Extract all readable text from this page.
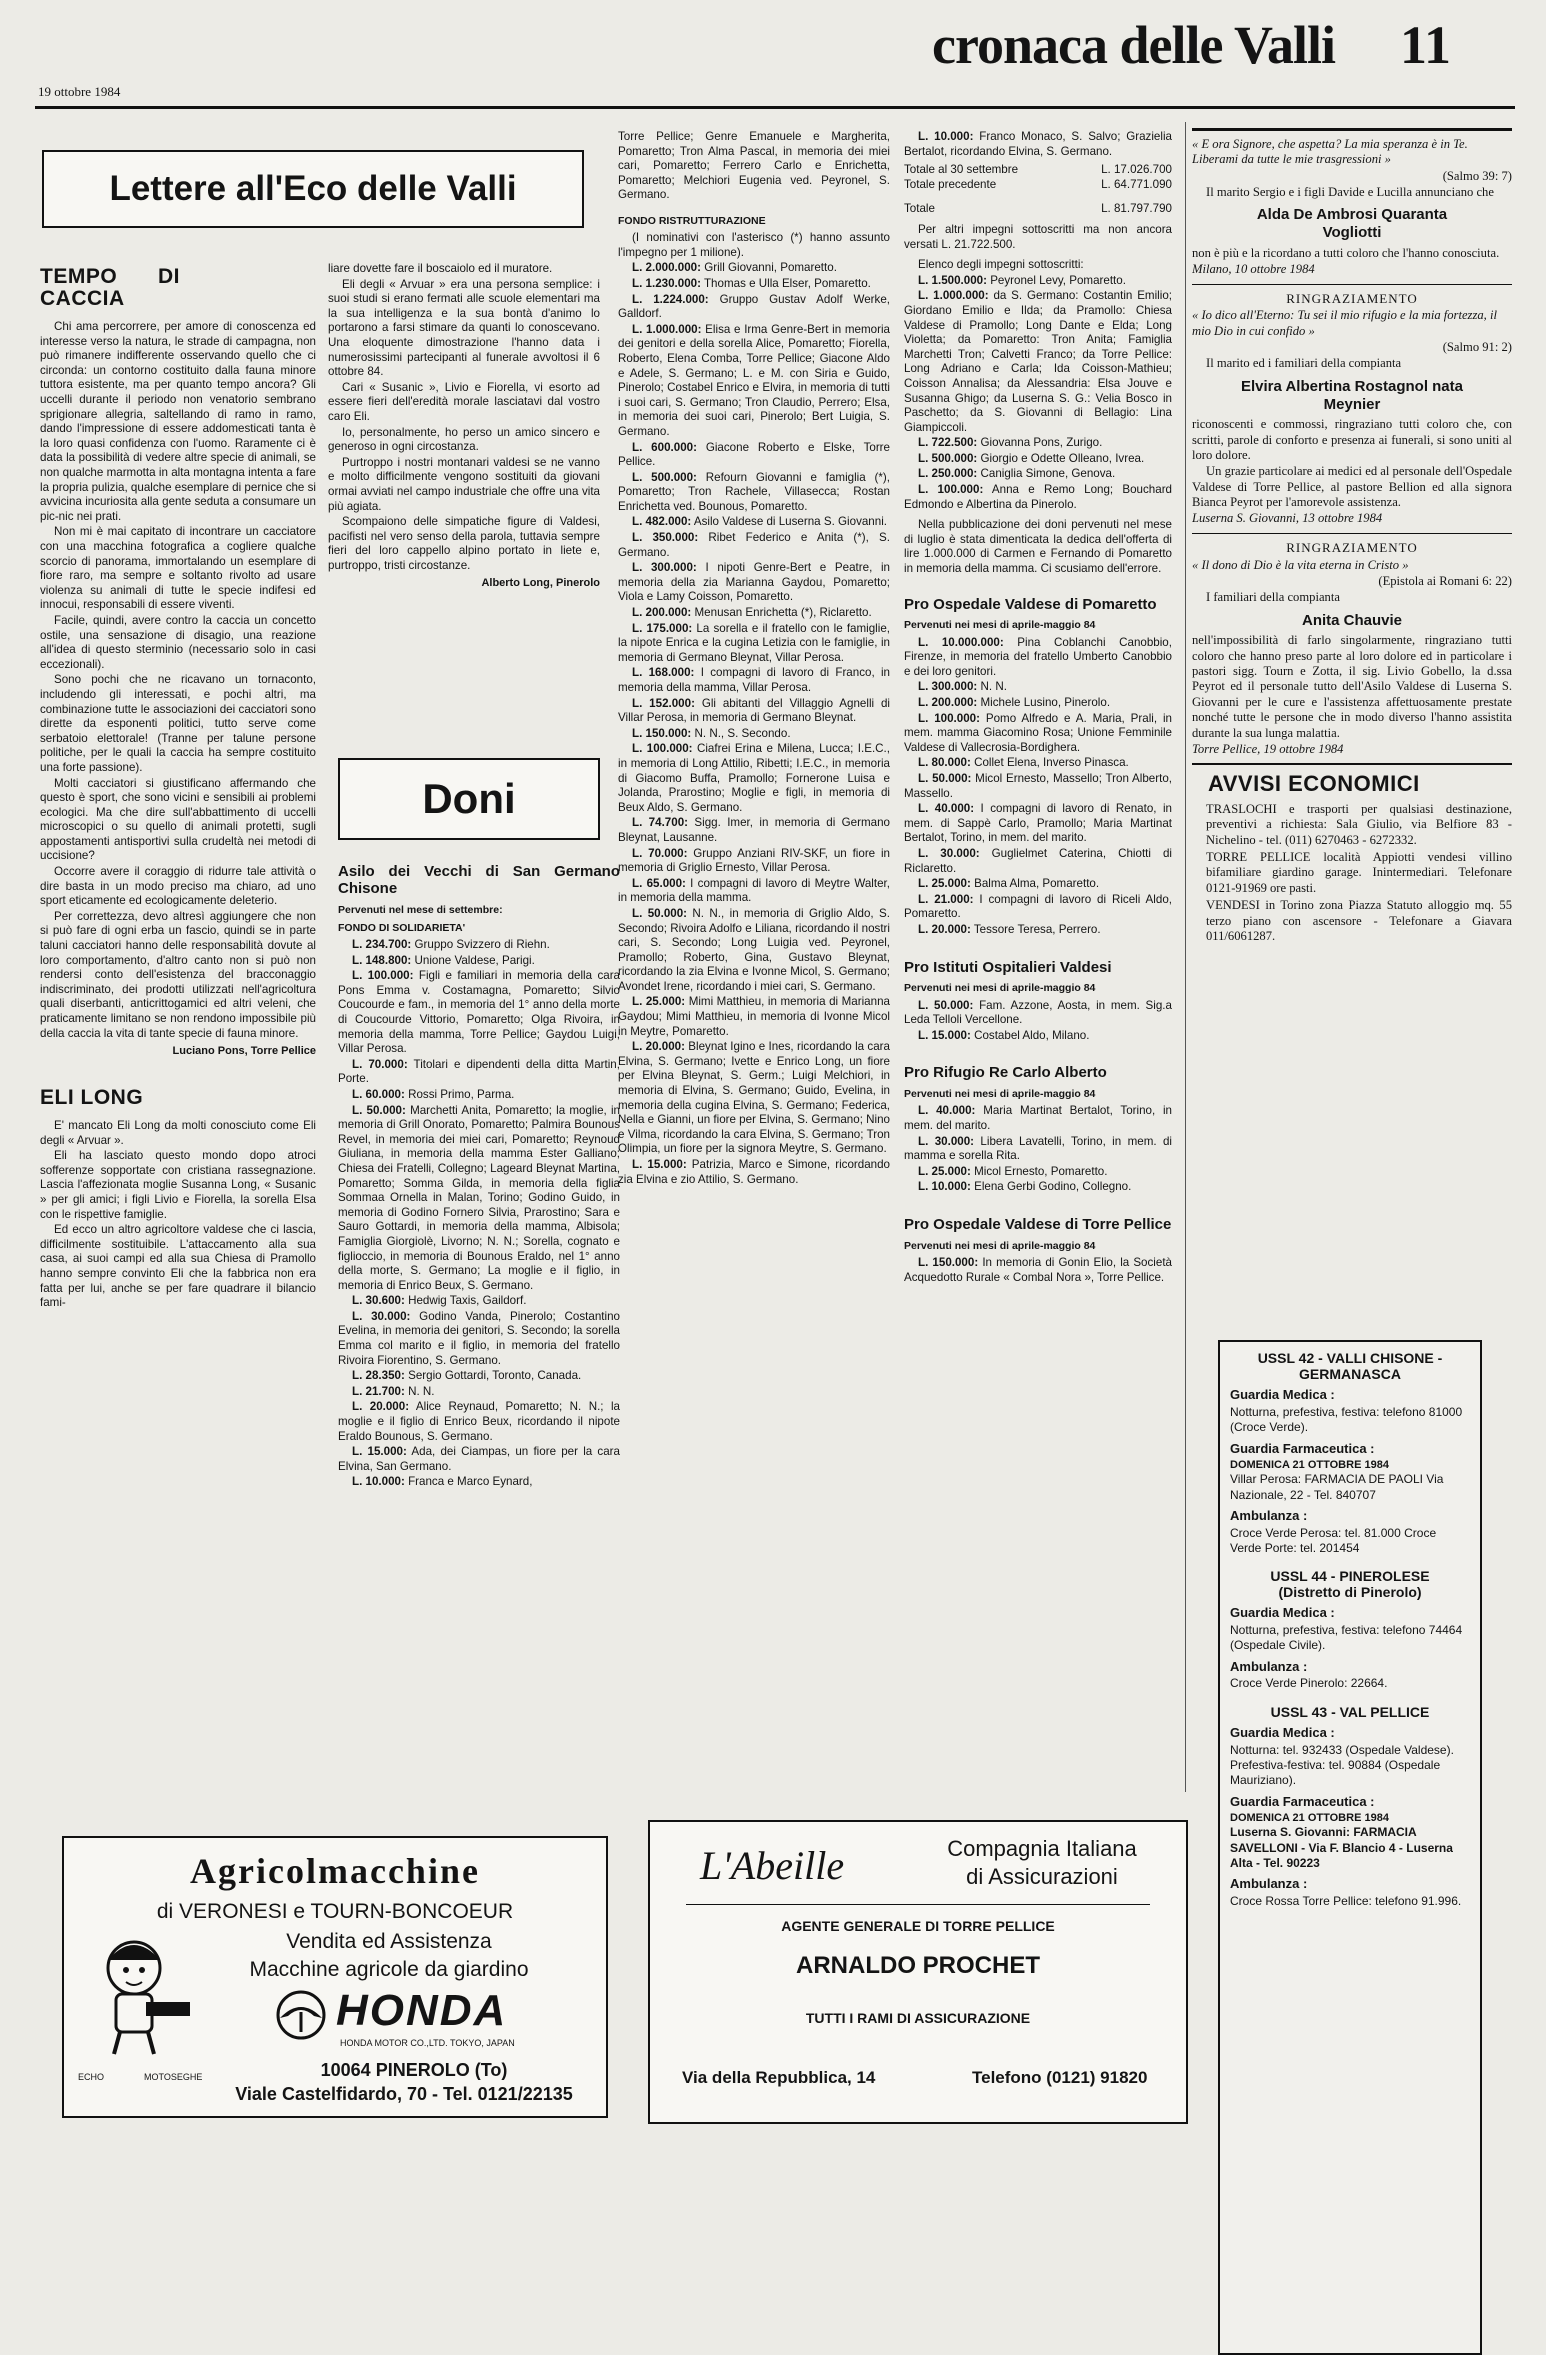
19 ottobre 1984
cronaca delle Valli 11
Lettere all'Eco delle Valli
TEMPO DI CACCIA

Chi ama percorrere, per amore di conoscenza ed interesse verso la natura, le strade di campagna, non può rimanere indifferente osservando quello che ci circonda: un contorno costituito dalla fauna minore tuttora esistente, ma per quanto tempo ancora? Gli uccelli durante il periodo non venatorio sembrano sprigionare allegria, saltellando di ramo in ramo, dando l'impressione di essere addomesticati tanta è la loro quasi confidenza con l'uomo. Raramente ci è data la possibilità di vedere altre specie di animali, se non qualche marmotta in alta montagna intenta a fare la propria pulizia, qualche esemplare di pernice che si avvicina incuriosita alla gente seduta a consumare un pic-nic nei prati.

Non mi è mai capitato di incontrare un cacciatore con una macchina fotografica a cogliere qualche scorcio di panorama, immortalando un esemplare di fiore raro, ma sempre e soltanto rivolto ad usare violenza su animali di tutte le specie indifesi ed innocui, responsabili di essere viventi.

Facile, quindi, avere contro la caccia un concetto ostile, una sensazione di disagio, una reazione all'idea di questo sterminio (necessario solo in casi eccezionali).

Sono pochi che ne ricavano un tornaconto, includendo gli interessati, e pochi altri, ma combinazione tutte le associazioni dei cacciatori sono dirette da esponenti politici, tutto serve come serbatoio elettorale! (Tranne per talune persone politiche, per le quali la caccia ha sempre costituito una forte passione).

Molti cacciatori si giustificano affermando che questo è sport, che sono vicini e sensibili ai problemi ecologici. Ma che dire sull'abbattimento di uccelli microscopici o su quello di animali protetti, sugli appostamenti antisportivi sulla crudeltà nei metodi di uccisione?

Occorre avere il coraggio di ridurre tale attività o dire basta in un modo preciso ma chiaro, ad uno sport eticamente ed ecologicamente deleterio.

Per correttezza, devo altresì aggiungere che non si può fare di ogni erba un fascio, quindi se in parte taluni cacciatori hanno delle responsabilità dovute al loro comportamento, d'altro canto non si può non rendersi conto dell'esistenza del bracconaggio indiscriminato, dei prodotti utilizzati nell'agricoltura quali diserbanti, anticrittogamici ed altri veleni, che praticamente limitano se non rendono impossibile più della caccia la vita di tante specie di fauna minore.

Luciano Pons, Torre Pellice
ELI LONG

E' mancato Eli Long da molti conosciuto come Eli degli « Arvuar ».

Eli ha lasciato questo mondo dopo atroci sofferenze sopportate con cristiana rassegnazione. Lascia l'affezionata moglie Susanna Long, « Susanic » per gli amici; i figli Livio e Fiorella, la sorella Elsa con le rispettive famiglie.

Ed ecco un altro agricoltore valdese che ci lascia, difficilmente sostituibile. L'attaccamento alla sua casa, ai suoi campi ed alla sua Chiesa di Pramollo hanno sempre convinto Eli che la fabbrica non era fatta per lui, anche se per fare quadrare il bilancio fami-

liare dovette fare il boscaiolo ed il muratore.

Eli degli « Arvuar » era una persona semplice: i suoi studi si erano fermati alle scuole elementari ma la sua intelligenza e la sua bontà d'animo lo portarono a farsi stimare da quanti lo conoscevano. Una eloquente dimostrazione l'hanno data i numerosissimi partecipanti al funerale avvoltosi il 6 ottobre 84.

Cari « Susanic », Livio e Fiorella, vi esorto ad essere fieri dell'eredità morale lasciatavi dal vostro caro Eli.

Io, personalmente, ho perso un amico sincero e generoso in ogni circostanza.

Purtroppo i nostri montanari valdesi se ne vanno e molto difficilmente vengono sostituiti da giovani ormai avviati nel campo industriale che offre una vita più agiata.

Scompaiono delle simpatiche figure di Valdesi, pacifisti nel vero senso della parola, tuttavia sempre fieri del loro cappello alpino portato in liete e, purtroppo, tristi circostanze.

Alberto Long, Pinerolo
Doni
Asilo dei Vecchi di San Germano Chisone
Pervenuti nel mese di settembre:
FONDO DI SOLIDARIETA'

L. 234.700: Gruppo Svizzero di Riehn.

L. 148.800: Unione Valdese, Parigi.

L. 100.000: Figli e familiari in memoria della cara Pons Emma v. Costamagna, Pomaretto; Silvio Coucourde e fam., in memoria del 1° anno della morte di Coucourde Vittorio, Pomaretto; Olga Rivoira, in memoria della mamma, Torre Pellice; Gaydou Luigi, Villar Perosa.

L. 70.000: Titolari e dipendenti della ditta Martin, Porte.

L. 60.000: Rossi Primo, Parma.

L. 50.000: Marchetti Anita, Pomaretto; la moglie, in memoria di Grill Onorato, Pomaretto; Palmira Bounous Revel, in memoria dei miei cari, Pomaretto; Reynoud Giuliana, in memoria della mamma Ester Galliano; Chiesa dei Fratelli, Collegno; Lageard Bleynat Martina, Pomaretto; Somma Gilda, in memoria della figlia Sommaa Ornella in Malan, Torino; Godino Guido, in memoria di Godino Fornero Silvia, Prarostino; Sara e Sauro Gottardi, in memoria della mamma, Albisola; Famiglia Giorgiolè, Livorno; N. N.; Sorella, cognato e figlioccio, in memoria di Bounous Eraldo, nel 1° anno della morte, S. Germano; La moglie e il figlio, in memoria di Enrico Beux, S. Germano.

L. 30.600: Hedwig Taxis, Gaildorf.

L. 30.000: Godino Vanda, Pinerolo; Costantino Evelina, in memoria dei genitori, S. Secondo; la sorella Emma col marito e il figlio, in memoria del fratello Rivoira Fiorentino, S. Germano.

L. 28.350: Sergio Gottardi, Toronto, Canada.

L. 21.700: N. N.

L. 20.000: Alice Reynaud, Pomaretto; N. N.; la moglie e il figlio di Enrico Beux, ricordando il nipote Eraldo Bounous, S. Germano.

L. 15.000: Ada, dei Ciampas, un fiore per la cara Elvina, San Germano.

L. 10.000: Franca e Marco Eynard,

Torre Pellice; Genre Emanuele e Margherita, Pomaretto; Tron Alma Pascal, in memoria dei miei cari, Pomaretto; Ferrero Carlo e Enrichetta, Pomaretto; Melchiori Eugenia ved. Peyronel, S. Germano.

FONDO RISTRUTTURAZIONE

(I nominativi con l'asterisco (*) hanno assunto l'impegno per 1 milione).

L. 2.000.000: Grill Giovanni, Pomaretto.

L. 1.230.000: Thomas e Ulla Elser, Pomaretto.

L. 1.224.000: Gruppo Gustav Adolf Werke, Galldorf.

L. 1.000.000: Elisa e Irma Genre-Bert in memoria dei genitori e della sorella Alice, Pomaretto; Fiorella, Roberto, Elena Comba, Torre Pellice; Giacone Aldo e Adele, S. Germano; L. e M. con Siria e Guido, Pinerolo; Costabel Enrico e Elvira, in memoria di tutti i suoi cari, S. Germano; Tron Claudio, Perrero; Elsa, in memoria dei suoi cari, Pinerolo; Bert Luigia, S. Germano.

L. 600.000: Giacone Roberto e Elske, Torre Pellice.

L. 500.000: Refourn Giovanni e famiglia (*), Pomaretto; Tron Rachele, Villasecca; Rostan Enrichetta ved. Bounous, Pomaretto.

L. 482.000: Asilo Valdese di Luserna S. Giovanni.

L. 350.000: Ribet Federico e Anita (*), S. Germano.

L. 300.000: I nipoti Genre-Bert e Peatre, in memoria della zia Marianna Gaydou, Pomaretto; Viola e Lamy Coisson, Pomaretto.

L. 200.000: Menusan Enrichetta (*), Riclaretto.

L. 175.000: La sorella e il fratello con le famiglie, la nipote Enrica e la cugina Letizia con le famiglie, in memoria di Germano Bleynat, Villar Perosa.

L. 168.000: I compagni di lavoro di Franco, in memoria della mamma, Villar Perosa.

L. 152.000: Gli abitanti del Villaggio Agnelli di Villar Perosa, in memoria di Germano Bleynat.

L. 150.000: N. N., S. Secondo.

L. 100.000: Ciafrei Erina e Milena, Lucca; I.E.C., in memoria di Long Attilio, Ribetti; I.E.C., in memoria di Giacomo Buffa, Pramollo; Fornerone Luisa e Jolanda, Prarostino; Moglie e figli, in memoria di Beux Aldo, S. Germano.

L. 74.700: Sigg. Imer, in memoria di Germano Bleynat, Lausanne.

L. 70.000: Gruppo Anziani RIV-SKF, un fiore in memoria di Griglio Ernesto, Villar Perosa.

L. 65.000: I compagni di lavoro di Meytre Walter, in memoria della mamma.

L. 50.000: N. N., in memoria di Griglio Aldo, S. Secondo; Rivoira Adolfo e Liliana, ricordando il nostri cari, S. Secondo; Long Luigia ved. Peyronel, Pramollo; Roberto, Gina, Gustavo Bleynat, ricordando la zia Elvina e Ivonne Micol, S. Germano; Avondet Irene, ricordando i miei cari, S. Germano.

L. 25.000: Mimi Matthieu, in memoria di Marianna Gaydou; Mimi Matthieu, in memoria di Ivonne Micol in Meytre, Pomaretto.

L. 20.000: Bleynat Igino e Ines, ricordando la cara Elvina, S. Germano; Ivette e Enrico Long, un fiore per Elvina Bleynat, S. Germ.; Luigi Melchiori, in memoria di Elvina, S. Germano; Guido, Evelina, in memoria della cugina Elvina, S. Germano; Federica, Nella e Gianni, un fiore per Elvina, S. Germano; Nino e Vilma, ricordando la cara Elvina, S. Germano; Tron Olimpia, un fiore per la signora Meytre, S. Germano.

L. 15.000: Patrizia, Marco e Simone, ricordando zia Elvina e zio Attilio, S. Germano.

L. 10.000: Franco Monaco, S. Salvo; Grazielia Bertalot, ricordando Elvina, S. Germano.

Totale al 30 settembre	L. 17.026.700
Totale precedente	L. 64.771.090
Totale	L. 81.797.790

Per altri impegni sottoscritti ma non ancora versati L. 21.722.500.

Elenco degli impegni sottoscritti:

L. 1.500.000: Peyronel Levy, Pomaretto.

L. 1.000.000: da S. Germano: Costantin Emilio; Giordano Emilio e Ilda; da Pramollo: Chiesa Valdese di Pramollo; Long Dante e Elda; Long Violetta; da Pomaretto: Tron Anita; Famiglia Marchetti Tron; Calvetti Franco; da Torre Pellice: Long Adriano e Carla; Ida Coisson-Mathieu; Coisson Annalisa; da Alessandria: Elsa Jouve e Susanna Ghigo; da Luserna S. G.: Velia Bosco in Paschetto; da S. Giovanni di Bellagio: Lina Giampiccoli.

L. 722.500: Giovanna Pons, Zurigo.

L. 500.000: Giorgio e Odette Olleano, Ivrea.

L. 250.000: Caniglia Simone, Genova.

L. 100.000: Anna e Remo Long; Bouchard Edmondo e Albertina da Pinerolo.

Nella pubblicazione dei doni pervenuti nel mese di luglio è stata dimenticata la dedica dell'offerta di lire 1.000.000 di Carmen e Fernando di Pomaretto in memoria della mamma. Ci scusiamo dell'errore.

Pro Ospedale Valdese di Pomaretto
Pervenuti nei mesi di aprile-maggio 84

L. 10.000.000: Pina Coblanchi Canobbio, Firenze, in memoria del fratello Umberto Canobbio e dei loro genitori.

L. 300.000: N. N.

L. 200.000: Michele Lusino, Pinerolo.

L. 100.000: Pomo Alfredo e A. Maria, Prali, in mem. mamma Giacomino Rosa; Unione Femminile Valdese di Vallecrosia-Bordighera.

L. 80.000: Collet Elena, Inverso Pinasca.

L. 50.000: Micol Ernesto, Massello; Tron Alberto, Massello.

L. 40.000: I compagni di lavoro di Renato, in mem. di Sappè Carlo, Pramollo; Maria Martinat Bertalot, Torino, in mem. del marito.

L. 30.000: Guglielmet Caterina, Chiotti di Riclaretto.

L. 25.000: Balma Alma, Pomaretto.

L. 21.000: I compagni di lavoro di Riceli Aldo, Pomaretto.

L. 20.000: Tessore Teresa, Perrero.

Pro Istituti Ospitalieri Valdesi
Pervenuti nei mesi di aprile-maggio 84

L. 50.000: Fam. Azzone, Aosta, in mem. Sig.a Leda Telloli Vercellone.

L. 15.000: Costabel Aldo, Milano.

Pro Rifugio Re Carlo Alberto
Pervenuti nei mesi di aprile-maggio 84

L. 40.000: Maria Martinat Bertalot, Torino, in mem. del marito.

L. 30.000: Libera Lavatelli, Torino, in mem. di mamma e sorella Rita.

L. 25.000: Micol Ernesto, Pomaretto.

L. 10.000: Elena Gerbi Godino, Collegno.

Pro Ospedale Valdese di Torre Pellice
Pervenuti nei mesi di aprile-maggio 84

L. 150.000: In memoria di Gonin Elio, la Società Acquedotto Rurale « Combal Nora », Torre Pellice.

« E ora Signore, che aspetta? La mia speranza è in Te. Liberami da tutte le mie trasgressioni »

(Salmo 39: 7)

Il marito Sergio e i figli Davide e Lucilla annunciano che

Alda De Ambrosi Quaranta Vogliotti

non è più e la ricordano a tutti coloro che l'hanno conosciuta.

Milano, 10 ottobre 1984

RINGRAZIAMENTO

« Io dico all'Eterno: Tu sei il mio rifugio e la mia fortezza, il mio Dio in cui confido »

(Salmo 91: 2)

Il marito ed i familiari della compianta

Elvira Albertina Rostagnol nata Meynier

riconoscenti e commossi, ringraziano tutti coloro che, con scritti, parole di conforto e presenza ai funerali, si sono uniti al loro dolore.

Un grazie particolare ai medici ed al personale dell'Ospedale Valdese di Torre Pellice, al pastore Bellion ed alla signora Bianca Peyrot per l'amorevole assistenza.

Luserna S. Giovanni, 13 ottobre 1984

RINGRAZIAMENTO

« Il dono di Dio è la vita eterna in Cristo »

(Epistola ai Romani 6: 22)

I familiari della compianta

Anita Chauvie

nell'impossibilità di farlo singolarmente, ringraziano tutti coloro che hanno preso parte al loro dolore ed in particolare i pastori sigg. Tourn e Zotta, il sig. Livio Gobello, la d.ssa Peyrot ed il personale tutto dell'Asilo Valdese di Luserna S. Giovanni per le cure e l'assistenza affettuosamente prestate nonché tutte le persone che in modo diverso l'hanno assistita durante la sua lunga malattia.

Torre Pellice, 19 ottobre 1984

AVVISI ECONOMICI

TRASLOCHI e trasporti per qualsiasi destinazione, preventivi a richiesta: Sala Giulio, via Belfiore 83 - Nichelino - tel. (011) 6270463 - 6272332.

TORRE PELLICE località Appiotti vendesi villino bifamiliare giardino garage. Inintermediari. Telefonare 0121-91969 ore pasti.

VENDESI in Torino zona Piazza Statuto alloggio mq. 55 terzo piano con ascensore - Telefonare a Giavara 011/6061287.

USSL 42 - VALLI CHISONE - GERMANASCA
Guardia Medica :
Notturna, prefestiva, festiva: telefono 81000 (Croce Verde).
Guardia Farmaceutica :
DOMENICA 21 OTTOBRE 1984
Villar Perosa: FARMACIA DE PAOLI Via Nazionale, 22 - Tel. 840707
Ambulanza :
Croce Verde Perosa: tel. 81.000 Croce Verde Porte: tel. 201454
USSL 44 - PINEROLESE (Distretto di Pinerolo)
Guardia Medica :
Notturna, prefestiva, festiva: telefono 74464 (Ospedale Civile).
Ambulanza :
Croce Verde Pinerolo: 22664.
USSL 43 - VAL PELLICE
Guardia Medica :
Notturna: tel. 932433 (Ospedale Valdese). Prefestiva-festiva: tel. 90884 (Ospedale Mauriziano).
Guardia Farmaceutica :
DOMENICA 21 OTTOBRE 1984
Luserna S. Giovanni: FARMACIA SAVELLONI - Via F. Blancio 4 - Luserna Alta - Tel. 90223
Ambulanza :
Croce Rossa Torre Pellice: telefono 91.996.
Agricolmacchine
di VERONESI e TOURN-BONCOEUR
Vendita ed Assistenza
Macchine agricole da giardino
ECHO	MOTOSEGHE
HONDA
HONDA MOTOR CO.,LTD. TOKYO, JAPAN
10064 PINEROLO (To)
Viale Castelfidardo, 70 - Tel. 0121/22135
L'Abeille	Compagnia Italiana
di Assicurazioni
AGENTE GENERALE DI TORRE PELLICE
ARNALDO PROCHET
TUTTI I RAMI DI ASSICURAZIONE
Via della Repubblica, 14	Telefono (0121) 91820
